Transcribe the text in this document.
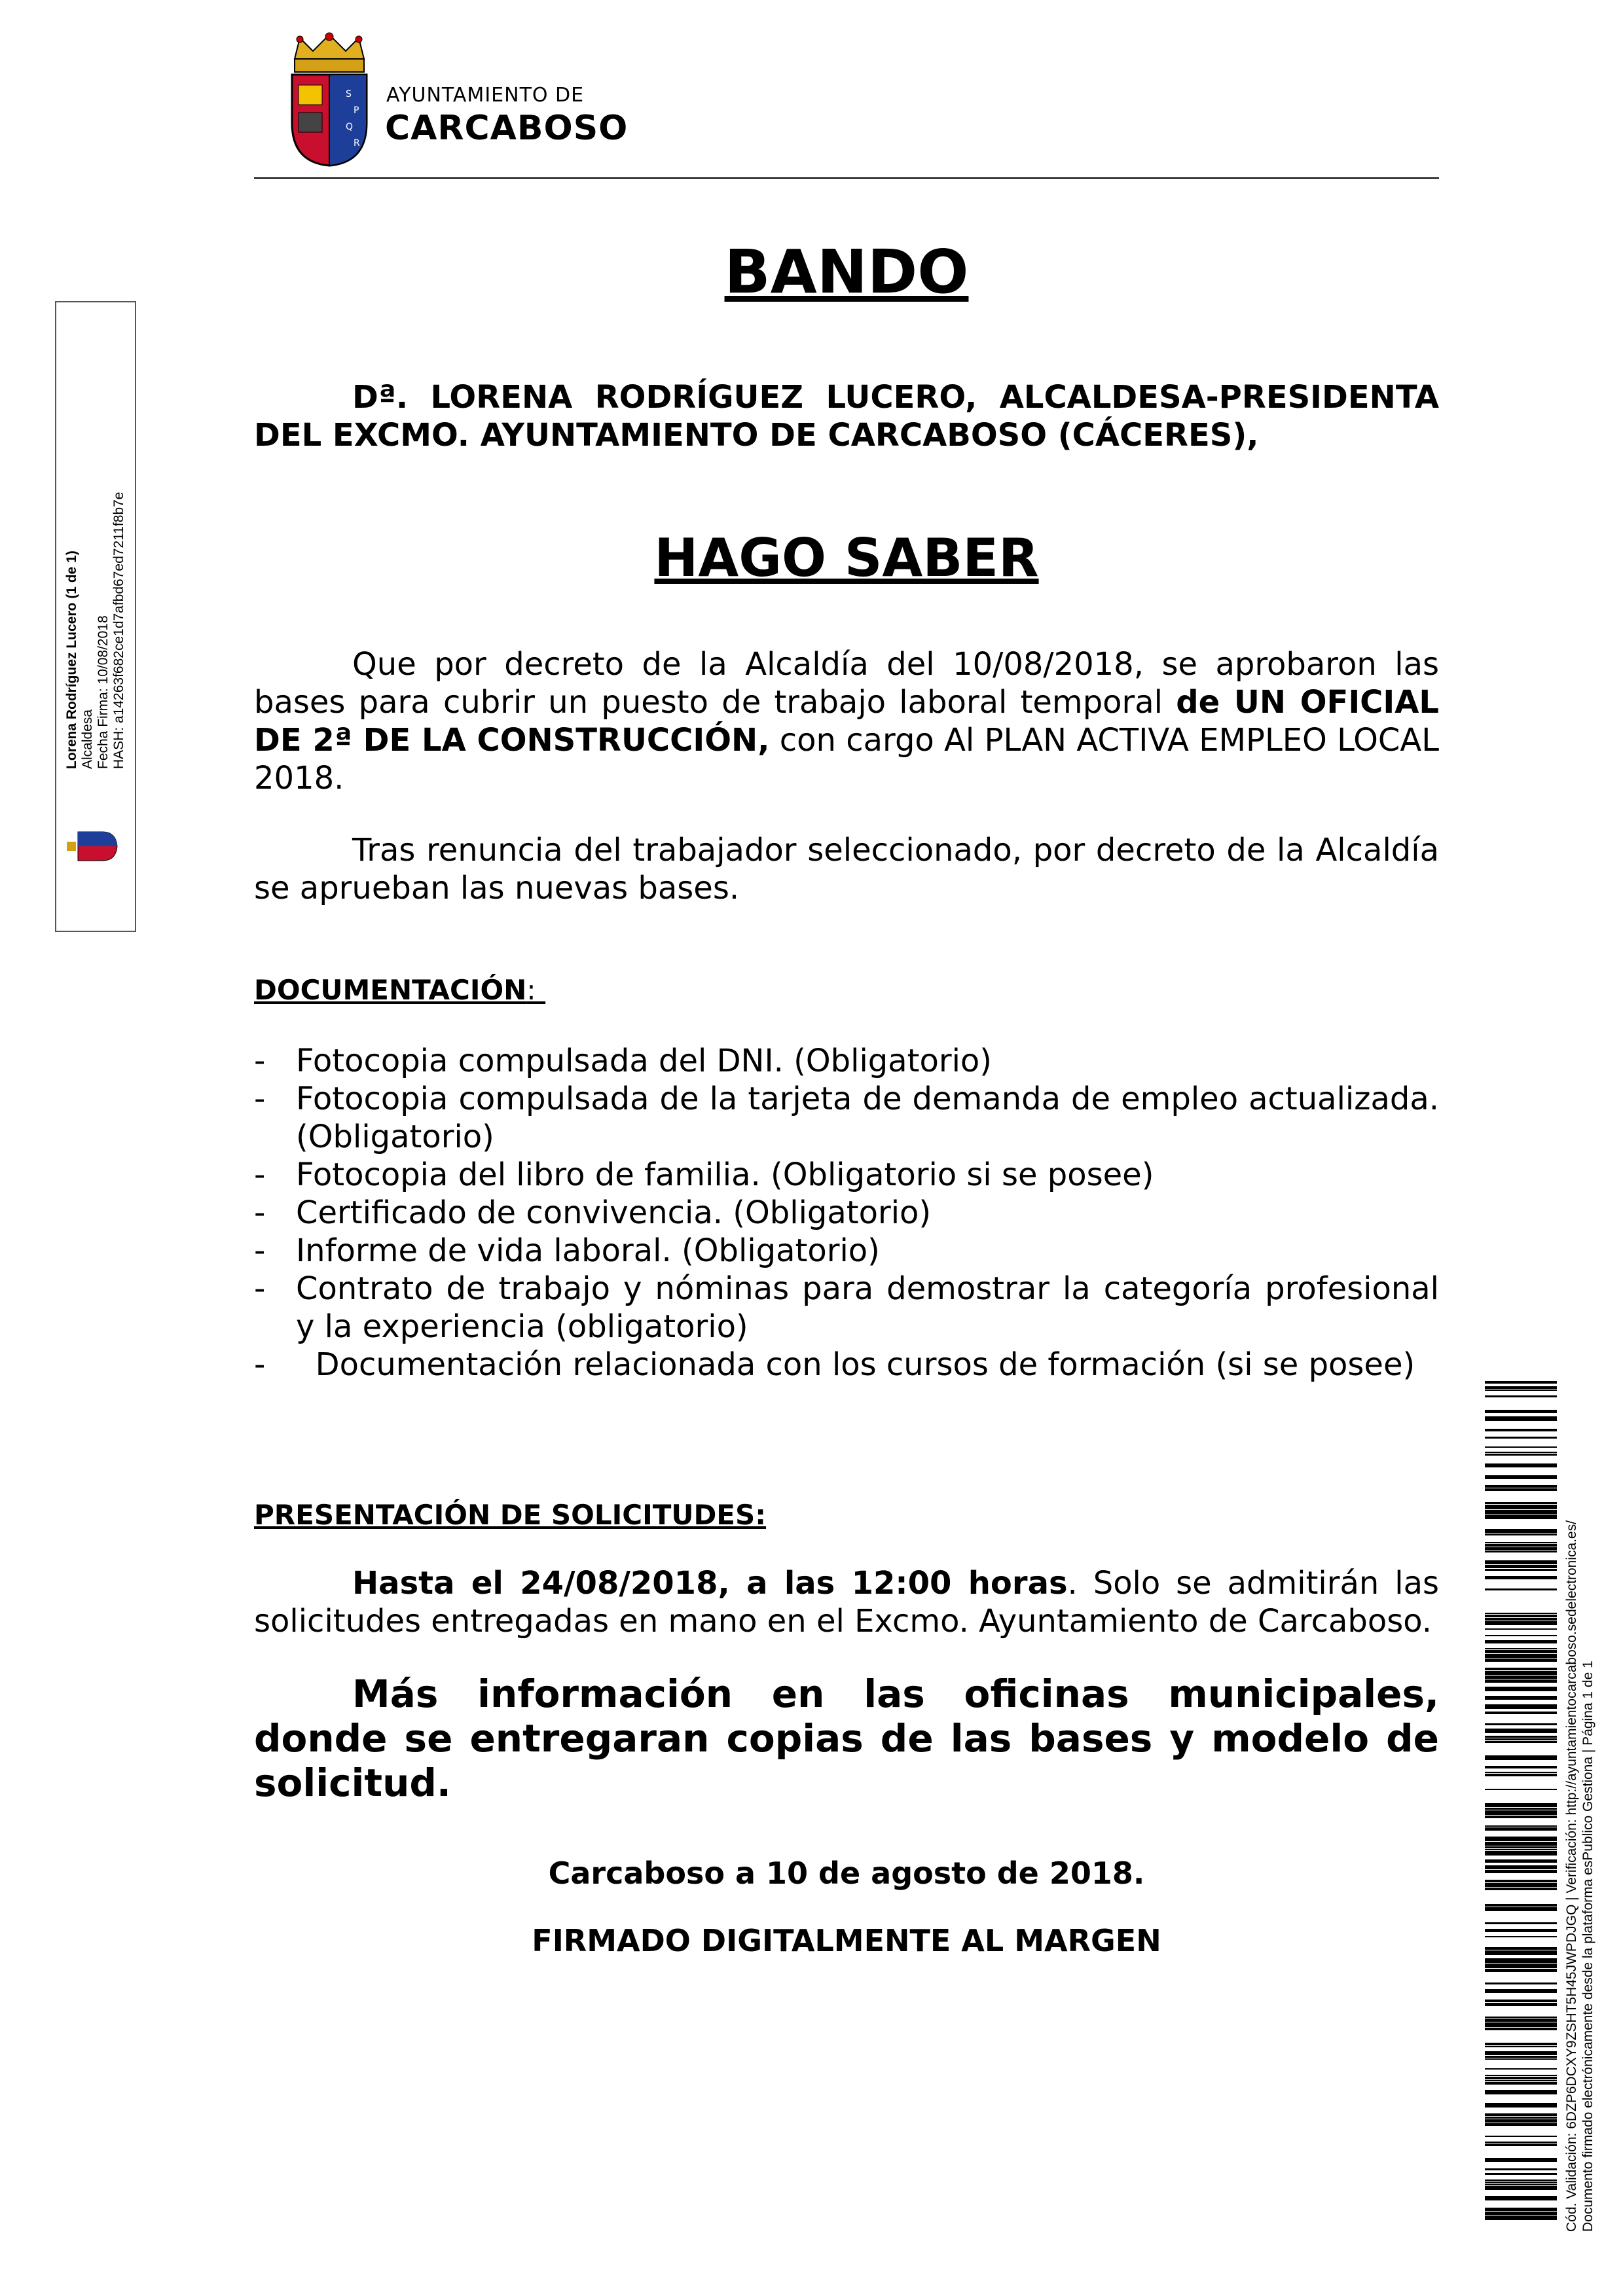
S
P
Q
R
AYUNTAMIENTO DE
CARCABOSO
Lorena Rodríguez Lucero (1 de 1) Alcaldesa Fecha Firma: 10/08/2018 HASH: a14263f682ce1d7afbd67ed7211f8b7e
BANDO
Dª. LORENA RODRÍGUEZ LUCERO, ALCALDESA-PRESIDENTA DEL EXCMO. AYUNTAMIENTO DE CARCABOSO (CÁCERES),
HAGO SABER
Que por decreto de la Alcaldía del 10/08/2018, se aprobaron las bases para cubrir un puesto de trabajo laboral temporal de UN OFICIAL DE 2ª DE LA CONSTRUCCIÓN, con cargo Al PLAN ACTIVA EMPLEO LOCAL 2018.
Tras renuncia del trabajador seleccionado, por decreto de la Alcaldía se aprueban las nuevas bases.
DOCUMENTACIÓN:
- Fotocopia compulsada del DNI. (Obligatorio)
- Fotocopia compulsada de la tarjeta de demanda de empleo actualizada. (Obligatorio)
- Fotocopia del libro de familia. (Obligatorio si se posee)
- Certificado de convivencia. (Obligatorio)
- Informe de vida laboral. (Obligatorio)
- Contrato de trabajo y nóminas para demostrar la categoría profesional y la experiencia (obligatorio)
-     Documentación relacionada con los cursos de formación (si se posee)
PRESENTACIÓN DE SOLICITUDES:
Hasta el 24/08/2018, a las 12:00 horas. Solo se admitirán las solicitudes entregadas en mano en el Excmo. Ayuntamiento de Carcaboso.
Más información en las oficinas municipales, donde se entregaran copias de las bases y modelo de solicitud.
Carcaboso a 10 de agosto de 2018.
FIRMADO DIGITALMENTE AL MARGEN	Cód. Validación: 6DZP6DCXY9ZSHT5H45JWPDJGQ | Verificación: http://ayuntamientocarcaboso.sedelectronica.es/ Documento firmado electrónicamente desde la plataforma esPublico Gestiona | Página 1 de 1
